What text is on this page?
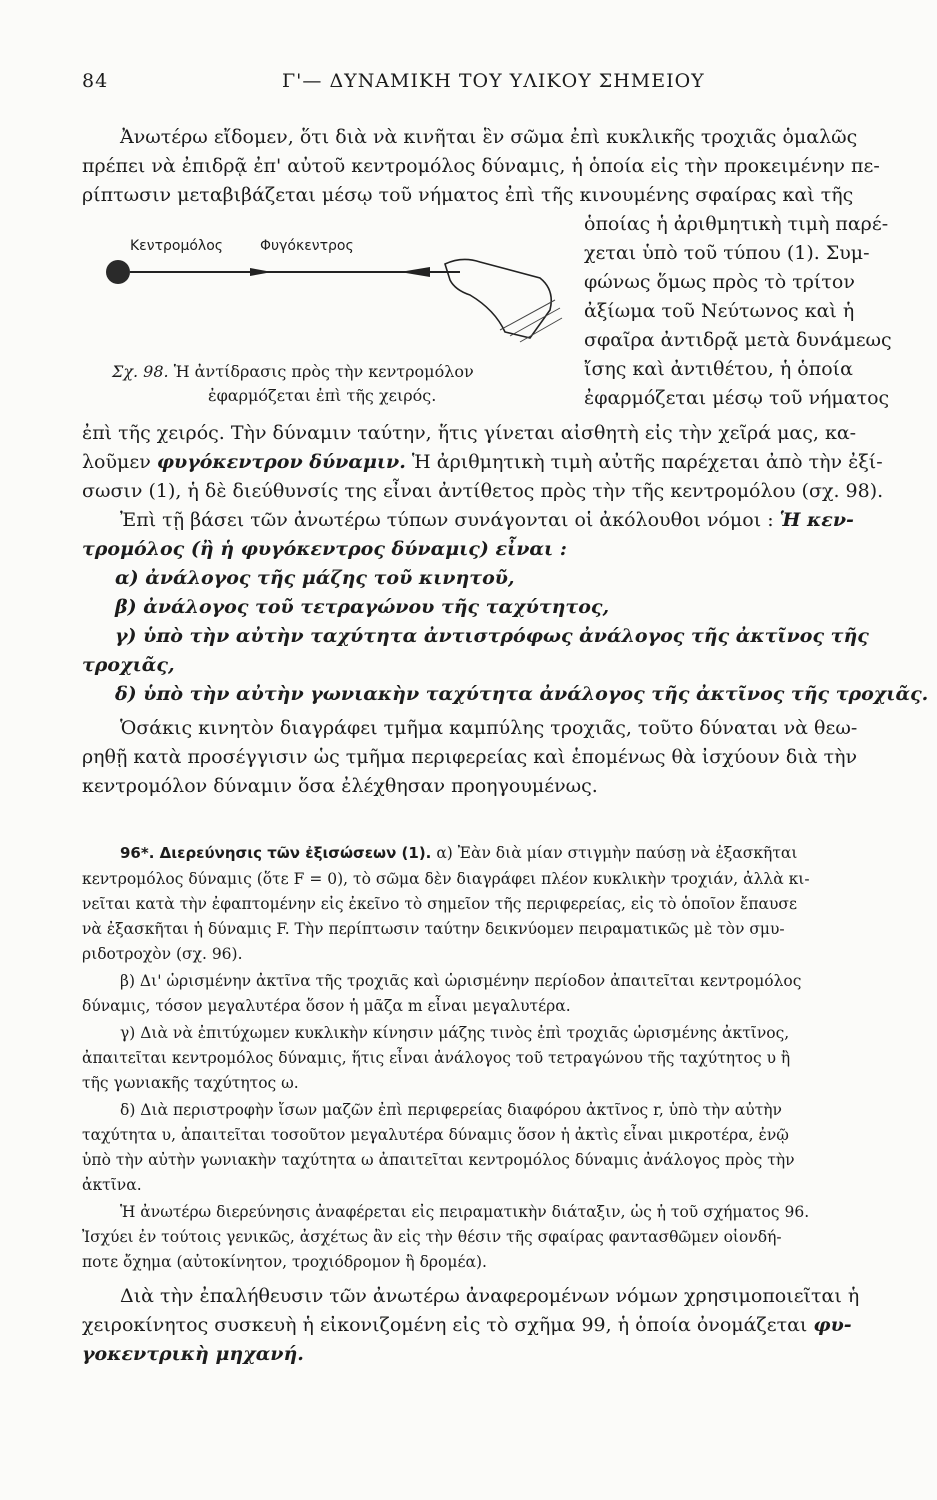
84	Γ'— ΔΥΝΑΜΙΚΗ ΤΟΥ ΥΛΙΚΟΥ ΣΗΜΕΙΟΥ
Ἀνωτέρω εἴδομεν, ὅτι διὰ νὰ κινῆται ἓν σῶμα ἐπὶ κυκλικῆς τροχιᾶς ὁμαλῶς
πρέπει νὰ ἐπιδρᾷ ἐπ' αὐτοῦ κεντρομόλος δύναμις, ἡ ὁποία εἰς τὴν προκειμένην πε-
ρίπτωσιν μεταβιβάζεται μέσῳ τοῦ νήματος ἐπὶ τῆς κινουμένης σφαίρας καὶ τῆς
Κεντρομόλος	Φυγόκεντρος
Σχ. 98. Ἡ ἀντίδρασις πρὸς τὴν κεντρομόλον
ἐφαρμόζεται ἐπὶ τῆς χειρός.
ὁποίας ἡ ἀριθμητικὴ τιμὴ παρέ-
χεται ὑπὸ τοῦ τύπου (1). Συμ-
φώνως ὅμως πρὸς τὸ τρίτον
ἀξίωμα τοῦ Νεύτωνος καὶ ἡ
σφαῖρα ἀντιδρᾷ μετὰ δυνάμεως
ἴσης καὶ ἀντιθέτου, ἡ ὁποία
ἐφαρμόζεται μέσῳ τοῦ νήματος
ἐπὶ τῆς χειρός. Τὴν δύναμιν ταύτην, ἥτις γίνεται αἰσθητὴ εἰς τὴν χεῖρά μας, κα-
λοῦμεν φυγόκεντρον δύναμιν. Ἡ ἀριθμητικὴ τιμὴ αὐτῆς παρέχεται ἀπὸ τὴν ἐξί-
σωσιν (1), ἡ δὲ διεύθυνσίς της εἶναι ἀντίθετος πρὸς τὴν τῆς κεντρομόλου (σχ. 98).
Ἐπὶ τῇ βάσει τῶν ἀνωτέρω τύπων συνάγονται οἱ ἀκόλουθοι νόμοι : Ἡ κεν-
τρομόλος (ἢ ἡ φυγόκεντρος δύναμις) εἶναι :
α) ἀνάλογος τῆς μάζης τοῦ κινητοῦ,
β) ἀνάλογος τοῦ τετραγώνου τῆς ταχύτητος,
γ) ὑπὸ τὴν αὐτὴν ταχύτητα ἀντιστρόφως ἀνάλογος τῆς ἀκτῖνος τῆς
τροχιᾶς,
δ) ὑπὸ τὴν αὐτὴν γωνιακὴν ταχύτητα ἀνάλογος τῆς ἀκτῖνος τῆς τροχιᾶς.
Ὁσάκις κινητὸν διαγράφει τμῆμα καμπύλης τροχιᾶς, τοῦτο δύναται νὰ θεω-
ρηθῇ κατὰ προσέγγισιν ὡς τμῆμα περιφερείας καὶ ἑπομένως θὰ ἰσχύουν διὰ τὴν
κεντρομόλον δύναμιν ὅσα ἐλέχθησαν προηγουμένως.
96*. Διερεύνησις τῶν ἐξισώσεων (1). α) Ἐὰν διὰ μίαν στιγμὴν παύσῃ νὰ ἐξασκῆται
κεντρομόλος δύναμις (ὅτε F = 0), τὸ σῶμα δὲν διαγράφει πλέον κυκλικὴν τροχιάν, ἀλλὰ κι-
νεῖται κατὰ τὴν ἐφαπτομένην εἰς ἐκεῖνο τὸ σημεῖον τῆς περιφερείας, εἰς τὸ ὁποῖον ἔπαυσε
νὰ ἐξασκῆται ἡ δύναμις F. Τὴν περίπτωσιν ταύτην δεικνύομεν πειραματικῶς μὲ τὸν σμυ-
ριδοτροχὸν (σχ. 96).
β) Δι' ὡρισμένην ἀκτῖνα τῆς τροχιᾶς καὶ ὡρισμένην περίοδον ἀπαιτεῖται κεντρομόλος
δύναμις, τόσον μεγαλυτέρα ὅσον ἡ μᾶζα m εἶναι μεγαλυτέρα.
γ) Διὰ νὰ ἐπιτύχωμεν κυκλικὴν κίνησιν μάζης τινὸς ἐπὶ τροχιᾶς ὡρισμένης ἀκτῖνος,
ἀπαιτεῖται κεντρομόλος δύναμις, ἥτις εἶναι ἀνάλογος τοῦ τετραγώνου τῆς ταχύτητος υ ἢ
τῆς γωνιακῆς ταχύτητος ω.
δ) Διὰ περιστροφὴν ἴσων μαζῶν ἐπὶ περιφερείας διαφόρου ἀκτῖνος r, ὑπὸ τὴν αὐτὴν
ταχύτητα υ, ἀπαιτεῖται τοσοῦτον μεγαλυτέρα δύναμις ὅσον ἡ ἀκτὶς εἶναι μικροτέρα, ἐνῷ
ὑπὸ τὴν αὐτὴν γωνιακὴν ταχύτητα ω ἀπαιτεῖται κεντρομόλος δύναμις ἀνάλογος πρὸς τὴν
ἀκτῖνα.
Ἡ ἀνωτέρω διερεύνησις ἀναφέρεται εἰς πειραματικὴν διάταξιν, ὡς ἡ τοῦ σχήματος 96.
Ἰσχύει ἐν τούτοις γενικῶς, ἀσχέτως ἂν εἰς τὴν θέσιν τῆς σφαίρας φαντασθῶμεν οἱονδή-
ποτε ὄχημα (αὐτοκίνητον, τροχιόδρομον ἢ δρομέα).
Διὰ τὴν ἐπαλήθευσιν τῶν ἀνωτέρω ἀναφερομένων νόμων χρησιμοποιεῖται ἡ
χειροκίνητος συσκευὴ ἡ εἰκονιζομένη εἰς τὸ σχῆμα 99, ἡ ὁποία ὀνομάζεται φυ-
γοκεντρικὴ μηχανή.
